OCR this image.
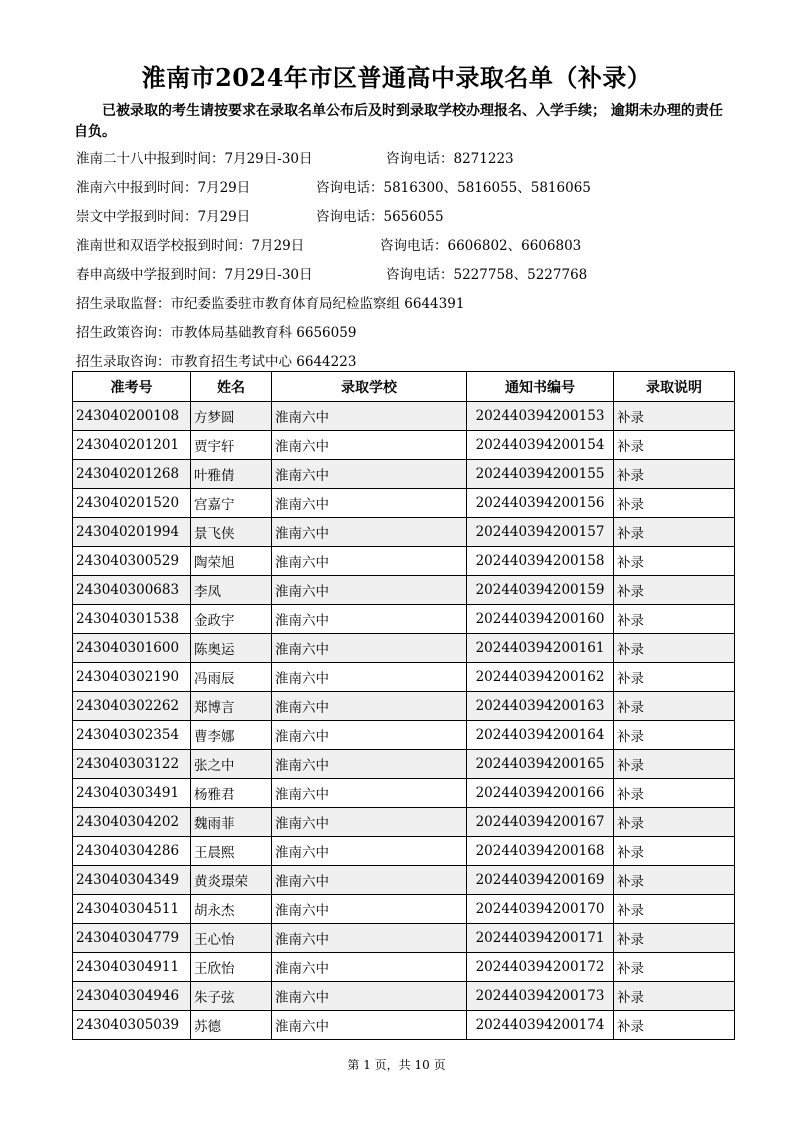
淮南市2024年市区普通高中录取名单（补录）
已被录取的考生请按要求在录取名单公布后及时到录取学校办理报名、入学手续； 逾期未办理的责任自负。
淮南二十八中报到时间：7月29日-30日	咨询电话：8271223
淮南六中报到时间：7月29日	咨询电话：5816300、5816055、5816065
崇文中学报到时间：7月29日	咨询电话：5656055
淮南世和双语学校报到时间：7月29日	咨询电话：6606802、6606803
春申高级中学报到时间：7月29日-30日	咨询电话：5227758、5227768
招生录取监督：市纪委监委驻市教育体育局纪检监察组 6644391
招生政策咨询：市教体局基础教育科 6656059
招生录取咨询：市教育招生考试中心 6644223
准考号	姓名	录取学校	通知书编号	录取说明
243040200108	方梦圆	淮南六中	202440394200153	补录
243040201201	贾宇轩	淮南六中	202440394200154	补录
243040201268	叶雅倩	淮南六中	202440394200155	补录
243040201520	宫嘉宁	淮南六中	202440394200156	补录
243040201994	景飞侠	淮南六中	202440394200157	补录
243040300529	陶荣旭	淮南六中	202440394200158	补录
243040300683	李凤	淮南六中	202440394200159	补录
243040301538	金政宇	淮南六中	202440394200160	补录
243040301600	陈奥运	淮南六中	202440394200161	补录
243040302190	冯雨辰	淮南六中	202440394200162	补录
243040302262	郑博言	淮南六中	202440394200163	补录
243040302354	曹李娜	淮南六中	202440394200164	补录
243040303122	张之中	淮南六中	202440394200165	补录
243040303491	杨雅君	淮南六中	202440394200166	补录
243040304202	魏雨菲	淮南六中	202440394200167	补录
243040304286	王晨熙	淮南六中	202440394200168	补录
243040304349	黄炎璟荣	淮南六中	202440394200169	补录
243040304511	胡永杰	淮南六中	202440394200170	补录
243040304779	王心怡	淮南六中	202440394200171	补录
243040304911	王欣怡	淮南六中	202440394200172	补录
243040304946	朱子弦	淮南六中	202440394200173	补录
243040305039	苏德	淮南六中	202440394200174	补录
第 1 页，共 10 页
